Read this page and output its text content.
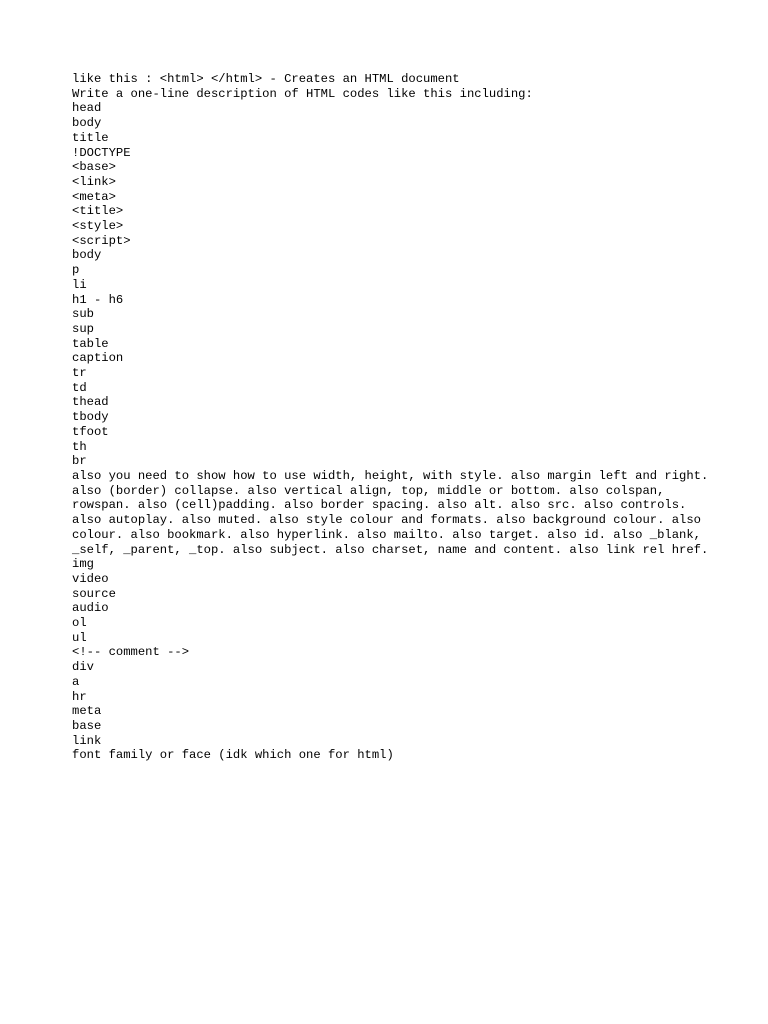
like this : <html> </html> - Creates an HTML document
Write a one-line description of HTML codes like this including:
head
body
title
!DOCTYPE
<base>
<link>
<meta>
<title>
<style>
<script>
body
p
li
h1 - h6
sub
sup
table
caption
tr
td
thead
tbody
tfoot
th
br
also you need to show how to use width, height, with style. also margin left and right. also (border) collapse. also vertical align, top, middle or bottom. also colspan, rowspan. also (cell)padding. also border spacing. also alt. also src. also controls. also autoplay. also muted. also style colour and formats. also background colour. also colour. also bookmark. also hyperlink. also mailto. also target. also id. also _blank, _self, _parent, _top. also subject. also charset, name and content. also link rel href.
img
video
source
audio
ol
ul
<!-- comment -->
div
a
hr
meta
base
link
font family or face (idk which one for html)
